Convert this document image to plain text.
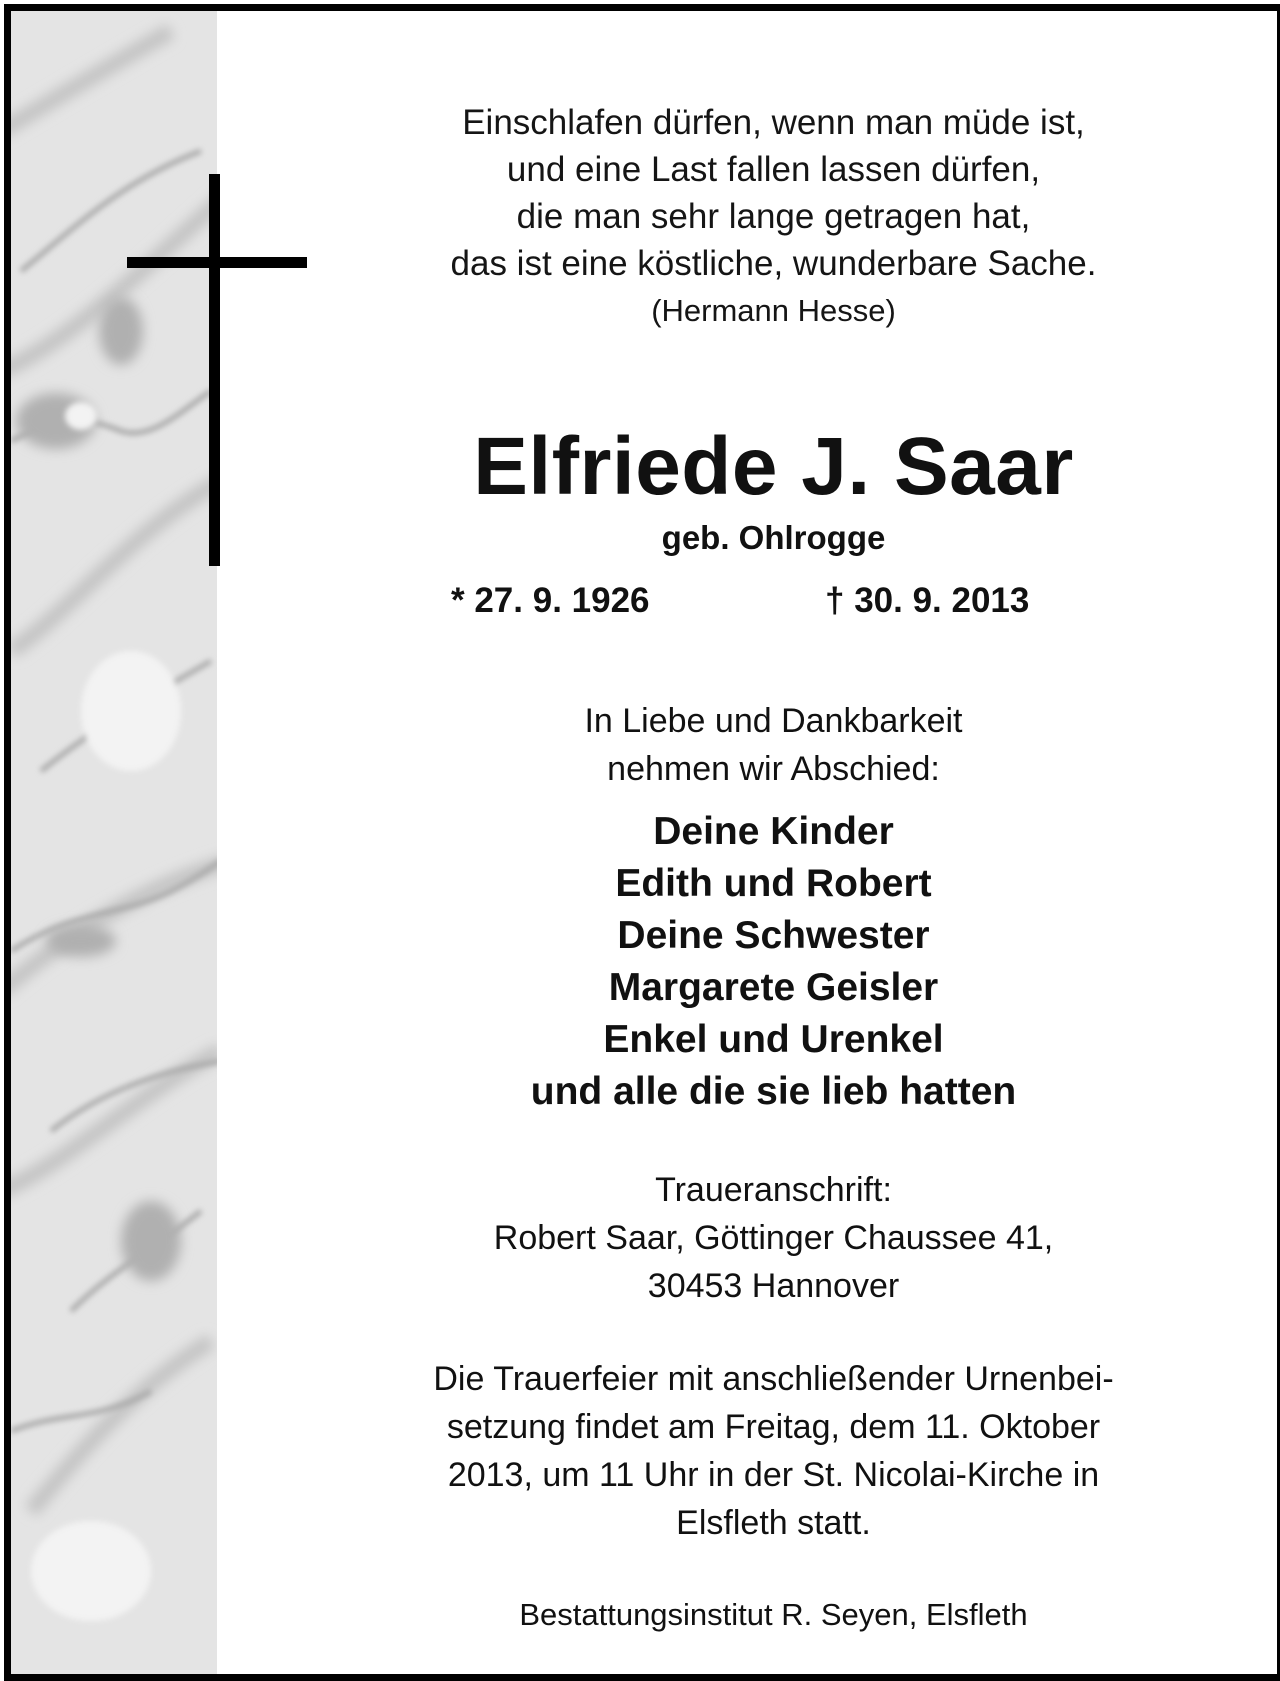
Einschlafen dürfen, wenn man müde ist,
und eine Last fallen lassen dürfen,
die man sehr lange getragen hat,
das ist eine köstliche, wunderbare Sache.
(Hermann Hesse)
Elfriede J. Saar
geb. Ohlrogge
* 27. 9. 1926	† 30. 9. 2013
In Liebe und Dankbarkeit
nehmen wir Abschied:
Deine Kinder
Edith und Robert
Deine Schwester
Margarete Geisler
Enkel und Urenkel
und alle die sie lieb hatten
Traueranschrift:
Robert Saar, Göttinger Chaussee 41,
30453 Hannover
Die Trauerfeier mit anschließender Urnenbei-
setzung findet am Freitag, dem 11. Oktober
2013, um 11 Uhr in der St. Nicolai-Kirche in
Elsfleth statt.
Bestattungsinstitut R. Seyen, Elsfleth
